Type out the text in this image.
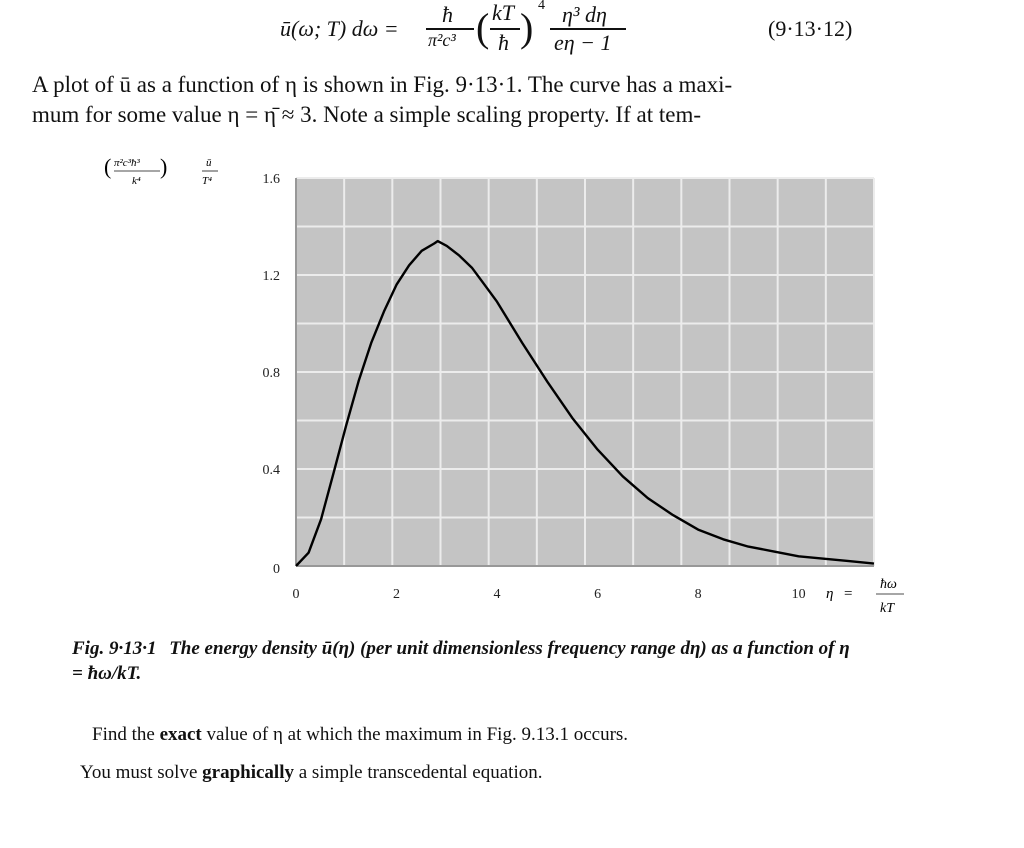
ū(ω; T) dω =
ħ
π²c³ ( kT
ħ ) 4 η³ dη
eη − 1
(9·13·12)

A plot of ū as a function of η is shown in Fig. 9·13·1. The curve has a maxi-

mum for some value η = η̄ ≈ 3. Note a simple scaling property. If at tem-

( π²c³ħ³
k⁴
)	ū
T⁴
η =
ħω
kT
0	2	4	6	8	10
0
0.4
0.8
1.2
1.6
Fig. 9·13·1 The energy density ū(η) (per unit dimensionless frequency range dη) as a function of η = ħω/kT.
Find the exact value of η at which the maximum in Fig. 9.13.1 occurs.
You must solve graphically a simple transcedental equation.
